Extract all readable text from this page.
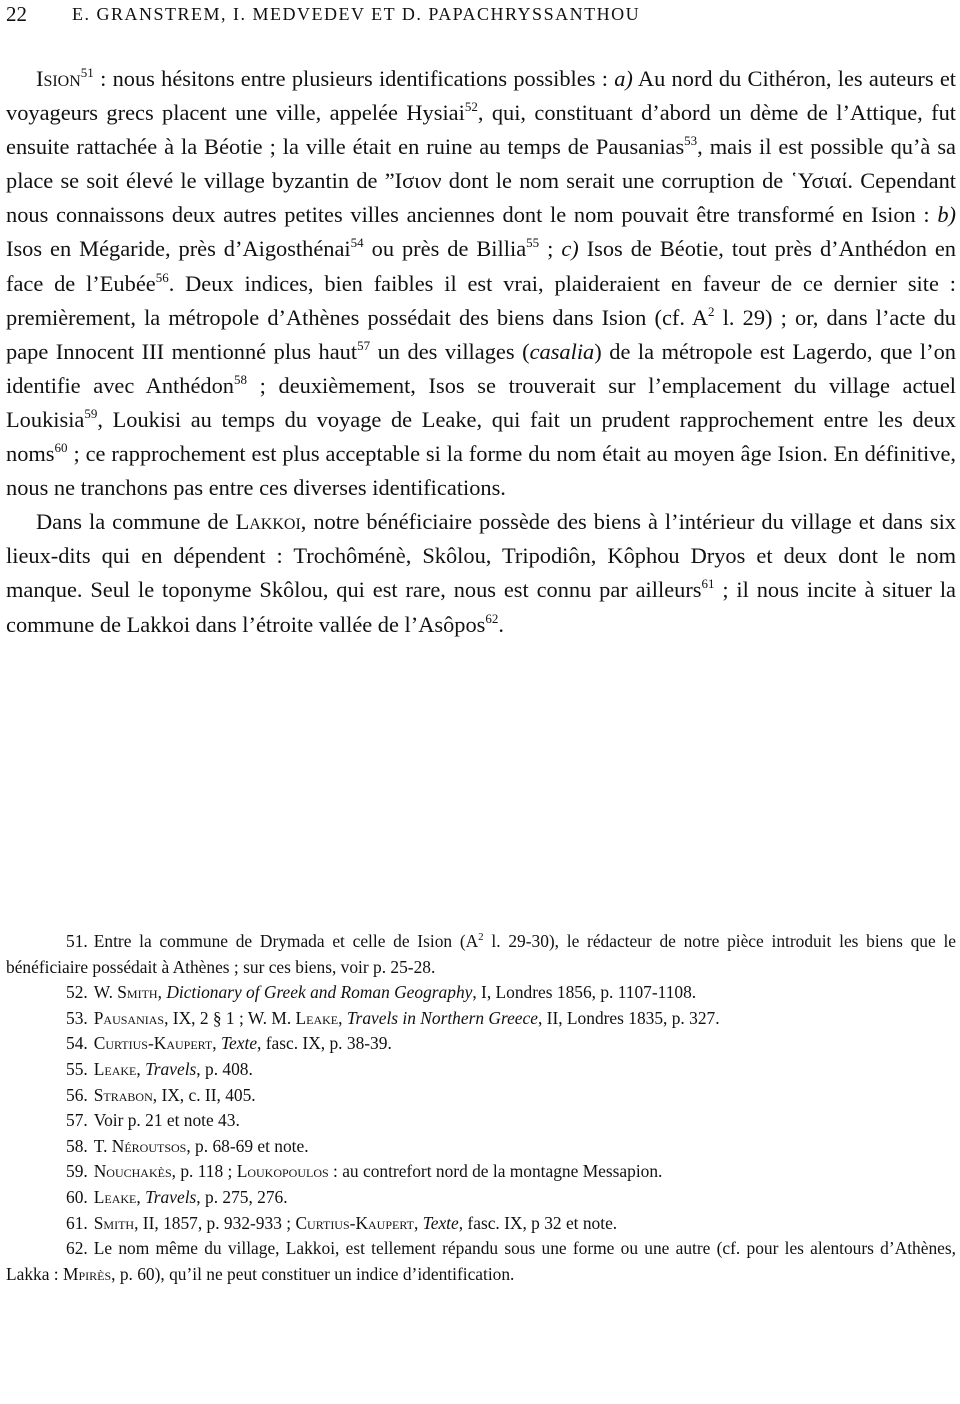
22	E. GRANSTREM, I. MEDVEDEV ET D. PAPACHRYSSANTHOU

Ision$^{51}$ : nous hésitons entre plusieurs identifications possibles : a) Au nord du Cithéron, les auteurs et voyageurs grecs placent une ville, appelée Hysiai$^{52}$, qui, constituant d’abord un dème de l’Attique, fut ensuite rattachée à la Béotie ; la ville était en ruine au temps de Pausanias$^{53}$, mais il est possible qu’à sa place se soit élevé le village byzantin de ”Ισιον dont le nom serait une corruption de ῾Υσιαί. Cependant nous connaissons deux autres petites villes anciennes dont le nom pouvait être transformé en Ision : b) Isos en Mégaride, près d’Aigosthénai$^{54}$ ou près de Billia$^{55}$ ; c) Isos de Béotie, tout près d’Anthédon en face de l’Eubée$^{56}$. Deux indices, bien faibles il est vrai, plaideraient en faveur de ce dernier site : premièrement, la métropole d’Athènes possédait des biens dans Ision (cf. $A^2$ l. 29) ; or, dans l’acte du pape Innocent III mentionné plus haut$^{57}$ un des villages (casalia) de la métropole est Lagerdo, que l’on identifie avec Anthédon$^{58}$ ; deuxièmement, Isos se trouverait sur l’emplacement du village actuel Loukisia$^{59}$, Loukisi au temps du voyage de Leake, qui fait un prudent rapprochement entre les deux noms$^{60}$ ; ce rapprochement est plus acceptable si la forme du nom était au moyen âge Ision. En définitive, nous ne tranchons pas entre ces diverses identifications.

Dans la commune de Lakkoi, notre bénéficiaire possède des biens à l’intérieur du village et dans six lieux-dits qui en dépendent : Trochôménè, Skôlou, Tripodiôn, Kôphou Dryos et deux dont le nom manque. Seul le toponyme Skôlou, qui est rare, nous est connu par ailleurs$^{61}$ ; il nous incite à situer la commune de Lakkoi dans l’étroite vallée de l’Asôpos$^{62}$.

51. Entre la commune de Drymada et celle de Ision ($A^2$ l. 29-30), le rédacteur de notre pièce introduit les biens que le bénéficiaire possédait à Athènes ; sur ces biens, voir p. 25-28.

52. W. Smith, Dictionary of Greek and Roman Geography, I, Londres 1856, p. 1107-1108.

53. Pausanias, IX, 2 § 1 ; W. M. Leake, Travels in Northern Greece, II, Londres 1835, p. 327.

54. Curtius-Kaupert, Texte, fasc. IX, p. 38-39.

55. Leake, Travels, p. 408.

56. Strabon, IX, c. II, 405.

57. Voir p. 21 et note 43.

58. T. Néroutsos, p. 68-69 et note.

59. Nouchakès, p. 118 ; Loukopoulos : au contrefort nord de la montagne Messapion.

60. Leake, Travels, p. 275, 276.

61. Smith, II, 1857, p. 932-933 ; Curtius-Kaupert, Texte, fasc. IX, p 32 et note.

62. Le nom même du village, Lakkoi, est tellement répandu sous une forme ou une autre (cf. pour les alentours d’Athènes, Lakka : Mpirès, p. 60), qu’il ne peut constituer un indice d’identification.
